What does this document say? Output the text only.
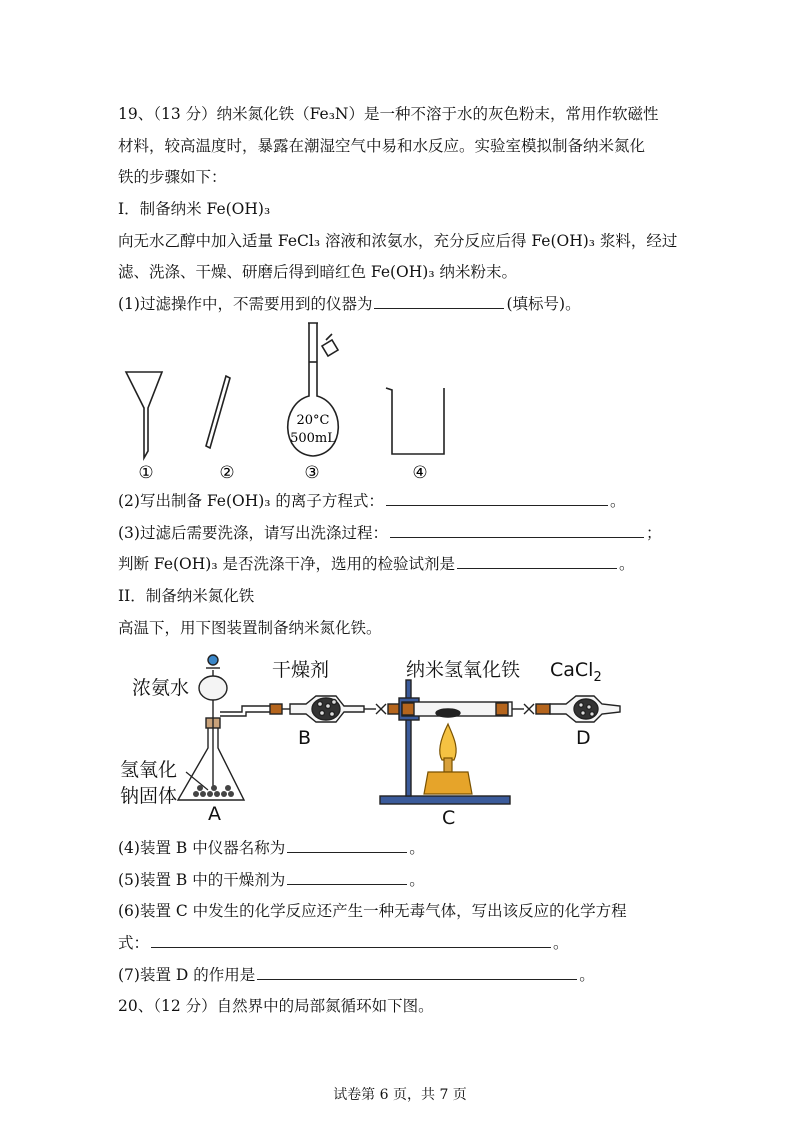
19、（13 分）纳米氮化铁（Fe₃N）是一种不溶于水的灰色粉末，常用作软磁性
材料，较高温度时，暴露在潮湿空气中易和水反应。实验室模拟制备纳米氮化
铁的步骤如下：
I．制备纳米 Fe(OH)₃
向无水乙醇中加入适量 FeCl₃ 溶液和浓氨水，充分反应后得 Fe(OH)₃ 浆料，经过
滤、洗涤、干燥、研磨后得到暗红色 Fe(OH)₃ 纳米粉末。
(1)过滤操作中，不需要用到的仪器为	(填标号)。
20°C
500mL
①	②	③	④
(2)写出制备 Fe(OH)₃ 的离子方程式：	。
(3)过滤后需要洗涤，请写出洗涤过程：	；
判断 Fe(OH)₃ 是否洗涤干净，选用的检验试剂是	。
II．制备纳米氮化铁
高温下，用下图装置制备纳米氮化铁。
浓氨水
干燥剂	纳米氢氧化铁 CaCl$_2$
氢氧化
钠固体
A
B
C
D
(4)装置 B 中仪器名称为	。
(5)装置 B 中的干燥剂为	。
(6)装置 C 中发生的化学反应还产生一种无毒气体，写出该反应的化学方程
式：	。
(7)装置 D 的作用是	。
20、（12 分）自然界中的局部氮循环如下图。
试卷第 6 页，共 7 页
